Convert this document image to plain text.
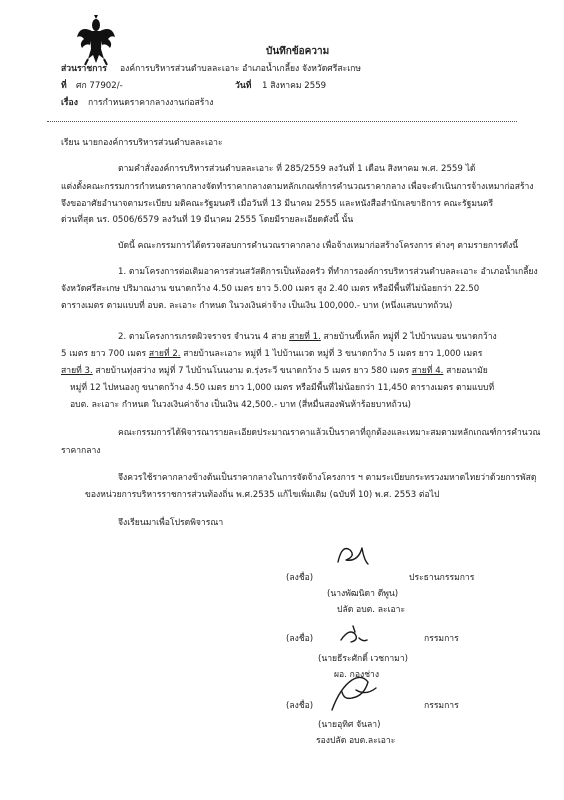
บันทึกข้อความ
ส่วนราชการ องค์การบริหารส่วนตำบลละเอาะ อำเภอน้ำเกลี้ยง จังหวัดศรีสะเกษ
ที่ ศก 77902/-	วันที่ 1 สิงหาคม 2559
เรื่อง การกำหนดราคากลางงานก่อสร้าง
เรียน นายกองค์การบริหารส่วนตำบลละเอาะ
ตามคำสั่งองค์การบริหารส่วนตำบลละเอาะ ที่ 285/2559 ลงวันที่ 1 เดือน สิงหาคม พ.ศ. 2559 ได้
แต่งตั้งคณะกรรมการกำหนดราคากลางจัดทำราคากลางตามหลักเกณฑ์การคำนวณราคากลาง เพื่อจะดำเนินการจ้างเหมาก่อสร้าง
จึงขออาศัยอำนาจตามระเบียบ มติคณะรัฐมนตรี เมื่อวันที่ 13 มีนาคม 2555 และหนังสือสำนักเลขาธิการ คณะรัฐมนตรี
ด่วนที่สุด นร. 0506/6579 ลงวันที่ 19 มีนาคม 2555 โดยมีรายละเอียดดังนี้ นั้น
บัดนี้ คณะกรรมการได้ตรวจสอบการคำนวณราคากลาง เพื่อจ้างเหมาก่อสร้างโครงการ ต่างๆ ตามรายการดังนี้
1. ตามโครงการต่อเติมอาคารส่วนสวัสดิการเป็นห้องครัว ที่ทำการองค์การบริหารส่วนตำบลละเอาะ อำเภอน้ำเกลี้ยง
จังหวัดศรีสะเกษ ปริมาณงาน ขนาดกว้าง 4.50 เมตร ยาว 5.00 เมตร สูง 2.40 เมตร หรือมีพื้นที่ไม่น้อยกว่า 22.50
ตารางเมตร ตามแบบที่ อบต. ละเอาะ กำหนด ในวงเงินค่าจ้าง เป็นเงิน 100,000.- บาท (หนึ่งแสนบาทถ้วน)
2. ตามโครงการเกรดผิวจราจร จำนวน 4 สาย สายที่ 1. สายบ้านขี้เหล็ก หมู่ที่ 2 ไปบ้านบอน ขนาดกว้าง
5 เมตร ยาว 700 เมตร สายที่ 2. สายบ้านละเอาะ หมู่ที่ 1 ไปบ้านแวด หมู่ที่ 3 ขนาดกว้าง 5 เมตร ยาว 1,000 เมตร
สายที่ 3. สายบ้านทุ่งสว่าง หมู่ที่ 7 ไปบ้านโนนงาม ต.รุ่งระวี ขนาดกว้าง 5 เมตร ยาว 580 เมตร สายที่ 4. สายอนามัย
หมู่ที่ 12 ไปหนองกู ขนาดกว้าง 4.50 เมตร ยาว 1,000 เมตร หรือมีพื้นที่ไม่น้อยกว่า 11,450 ตารางเมตร ตามแบบที่
อบต. ละเอาะ กำหนด ในวงเงินค่าจ้าง เป็นเงิน 42,500.- บาท (สี่หมื่นสองพันห้าร้อยบาทถ้วน)
คณะกรรมการได้พิจารณารายละเอียดประมาณราคาแล้วเป็นราคาที่ถูกต้องและเหมาะสมตามหลักเกณฑ์การคำนวณ
ราคากลาง
จึงควรใช้ราคากลางข้างต้นเป็นราคากลางในการจัดจ้างโครงการ ฯ ตามระเบียบกระทรวงมหาดไทยว่าด้วยการพัสดุ
ของหน่วยการบริหารราชการส่วนท้องถิ่น พ.ศ.2535 แก้ไขเพิ่มเติม (ฉบับที่ 10) พ.ศ. 2553 ต่อไป
จึงเรียนมาเพื่อโปรดพิจารณา
(ลงชื่อ)	ประธานกรรมการ
(นางพัฒนิดา ดีพูน)
ปลัด อบต. ละเอาะ
(ลงชื่อ)	กรรมการ
(นายธีระศักดิ์ เวชกามา)
ผอ. กองช่าง
(ลงชื่อ)	กรรมการ
(นายอุทิศ จันลา)
รองปลัด อบต.ละเอาะ
